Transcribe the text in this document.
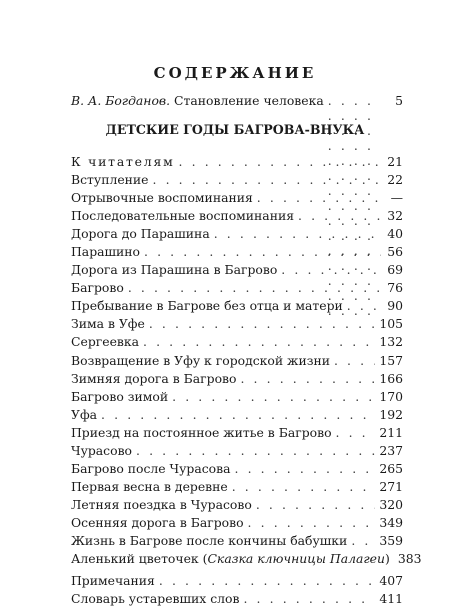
СОДЕРЖАНИЕ
В. А. Богданов. Становление человека . . .	5
ДЕТСКИЕ ГОДЫ БАГРОВА-ВНУКА
К читателям . . .	21
Вступление . . .	22
Отрывочные воспоминания . . .	—
Последовательные воспоминания . . .	32
Дорога до Парашина . . .	40
Парашино . . .	56
Дорога из Парашина в Багрово . . .	69
Багрово . . .	76
Пребывание в Багрове без отца и матери . . .	90
Зима в Уфе . . .	105
Сергеевка . . .	132
Возвращение в Уфу к городской жизни . . .	157
Зимняя дорога в Багрово . . .	166
Багрово зимой . . .	170
Уфа . . .	192
Приезд на постоянное житье в Багрово . . .	211
Чурасово . . .	237
Багрово после Чурасова . . .	265
Первая весна в деревне . . .	271
Летняя поездка в Чурасово . . .	320
Осенняя дорога в Багрово . . .	349
Жизнь в Багрове после кончины бабушки . . .	359
Аленький цветочек (Сказка ключницы Палагеи) 383
Примечания . . .	407
Словарь устаревших слов . . .	411
